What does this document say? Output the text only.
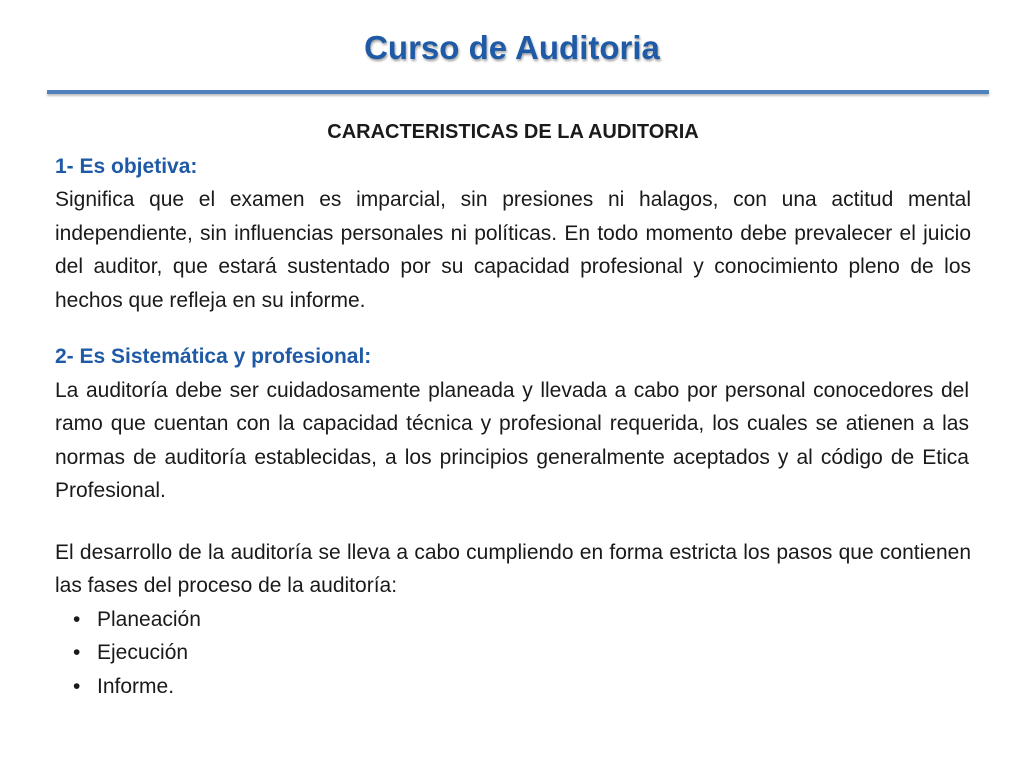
Curso de Auditoria

CARACTERISTICAS DE LA AUDITORIA

1- Es objetiva:

Significa que el examen es imparcial, sin presiones ni halagos, con una actitud mental independiente, sin influencias personales ni políticas. En todo momento debe prevalecer el juicio del auditor, que estará sustentado por su capacidad profesional y conocimiento pleno de los hechos que refleja en su informe.

2- Es Sistemática y profesional:

La auditoría debe ser cuidadosamente planeada y llevada a cabo por personal conocedores del ramo que cuentan con la capacidad técnica y profesional requerida, los cuales se atienen a las normas de auditoría establecidas, a los principios generalmente aceptados y al código de Etica Profesional.

El desarrollo de la auditoría se lleva a cabo cumpliendo en forma estricta los pasos que contienen las fases del proceso de la auditoría:

• Planeación
• Ejecución
• Informe.
